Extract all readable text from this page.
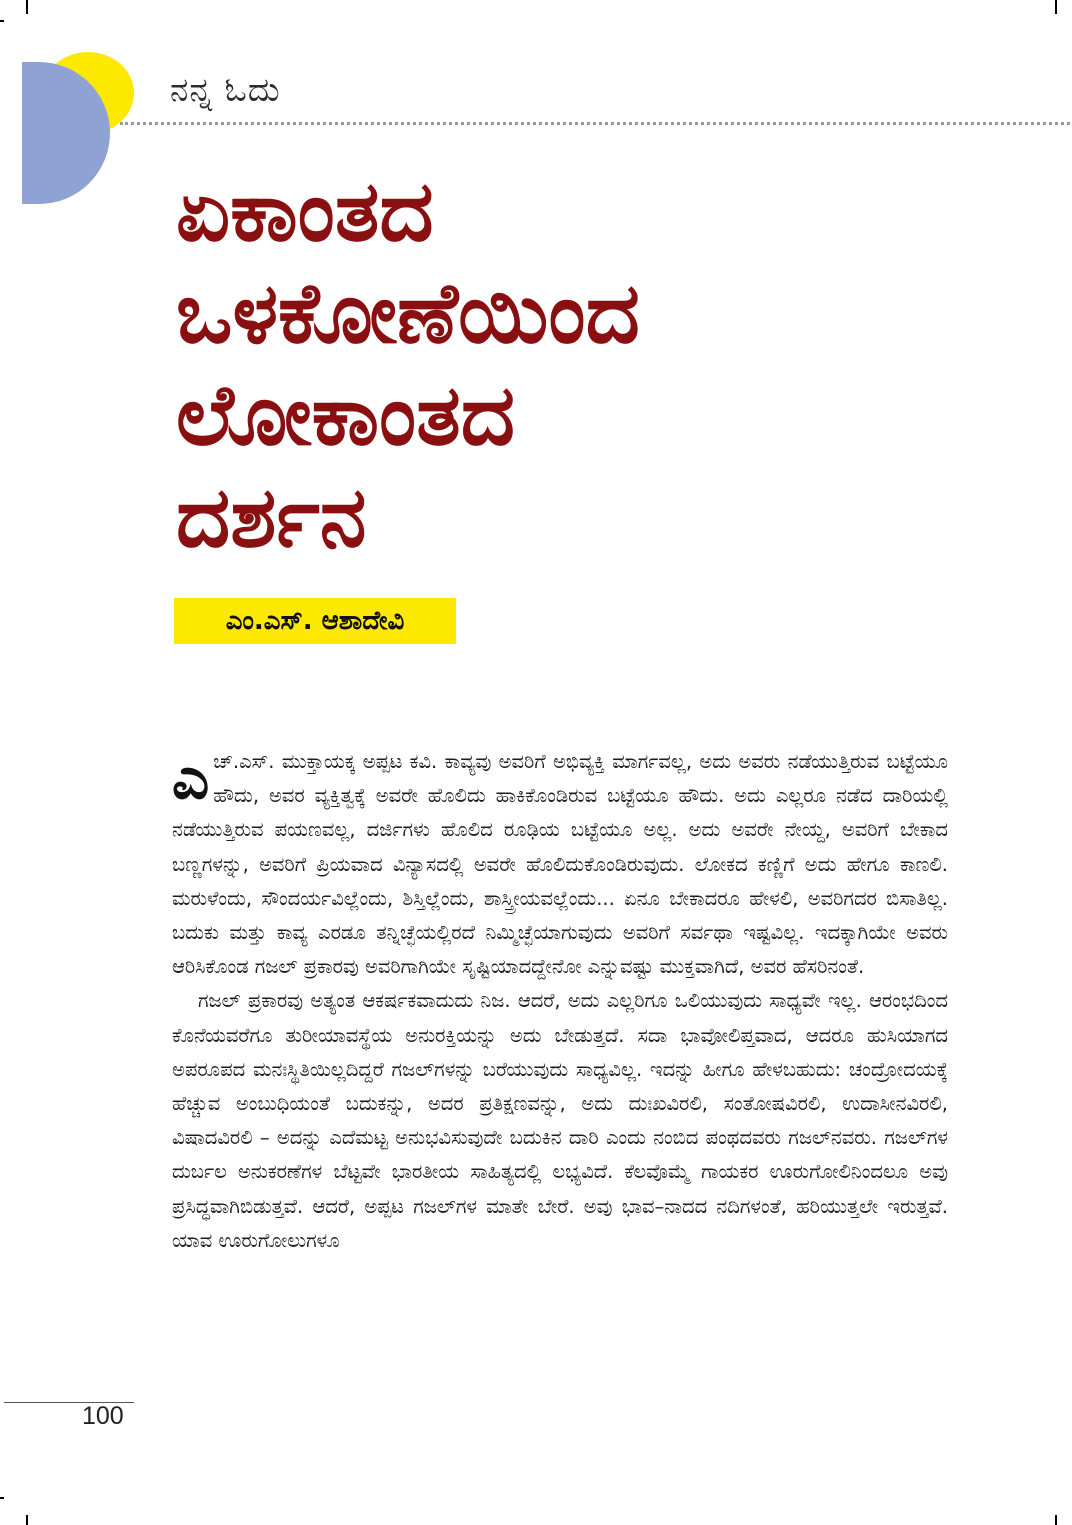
ನನ್ನ ಓದು
ಏಕಾಂತದ
ಒಳಕೋಣೆಯಿಂದ
ಲೋಕಾಂತದ
ದರ್ಶನ
ಎಂ.ಎಸ್. ಆಶಾದೇವಿ

ಎಚ್.ಎಸ್. ಮುಕ್ತಾಯಕ್ಕ ಅಪ್ಪಟ ಕವಿ. ಕಾವ್ಯವು ಅವರಿಗೆ ಅಭಿವ್ಯಕ್ತಿ ಮಾರ್ಗವಲ್ಲ, ಅದು ಅವರು ನಡೆಯುತ್ತಿರುವ ಬಟ್ಟೆಯೂ ಹೌದು, ಅವರ ವ್ಯಕ್ತಿತ್ವಕ್ಕೆ ಅವರೇ ಹೊಲಿದು ಹಾಕಿಕೊಂಡಿರುವ ಬಟ್ಟೆಯೂ ಹೌದು. ಅದು ಎಲ್ಲರೂ ನಡೆದ ದಾರಿಯಲ್ಲಿ ನಡೆಯುತ್ತಿರುವ ಪಯಣವಲ್ಲ, ದರ್ಜಿಗಳು ಹೊಲಿದ ರೂಢಿಯ ಬಟ್ಟೆಯೂ ಅಲ್ಲ. ಅದು ಅವರೇ ನೇಯ್ದ, ಅವರಿಗೆ ಬೇಕಾದ ಬಣ್ಣಗಳನ್ನು, ಅವರಿಗೆ ಪ್ರಿಯವಾದ ವಿನ್ಯಾಸದಲ್ಲಿ ಅವರೇ ಹೊಲಿದುಕೊಂಡಿರುವುದು. ಲೋಕದ ಕಣ್ಣಿಗೆ ಅದು ಹೇಗೂ ಕಾಣಲಿ. ಮರುಳೆಂದು, ಸೌಂದರ್ಯವಿಲ್ಲೆಂದು, ಶಿಸ್ತಿಲ್ಲೆಂದು, ಶಾಸ್ತ್ರೀಯವಲ್ಲೆಂದು... ಏನೂ ಬೇಕಾದರೂ ಹೇಳಲಿ, ಅವರಿಗದರ ಬಿಸಾತಿಲ್ಲ. ಬದುಕು ಮತ್ತು ಕಾವ್ಯ ಎರಡೂ ತನ್ನಿಚ್ಛೆಯಲ್ಲಿರದೆ ನಿಮ್ಮಿಚ್ಛೆಯಾಗುವುದು ಅವರಿಗೆ ಸರ್ವಥಾ ಇಷ್ಟವಿಲ್ಲ. ಇದಕ್ಕಾಗಿಯೇ ಅವರು ಆರಿಸಿಕೊಂಡ ಗಜಲ್ ಪ್ರಕಾರವು ಅವರಿಗಾಗಿಯೇ ಸೃಷ್ಟಿಯಾದದ್ದೇನೋ ಎನ್ನುವಷ್ಟು ಮುಕ್ತವಾಗಿದೆ, ಅವರ ಹೆಸರಿನಂತೆ.

ಗಜಲ್ ಪ್ರಕಾರವು ಅತ್ಯಂತ ಆಕರ್ಷಕವಾದುದು ನಿಜ. ಆದರೆ, ಅದು ಎಲ್ಲರಿಗೂ ಒಲಿಯುವುದು ಸಾಧ್ಯವೇ ಇಲ್ಲ. ಆರಂಭದಿಂದ ಕೊನೆಯವರೆಗೂ ತುರೀಯಾವಸ್ಥೆಯ ಅನುರಕ್ತಿಯನ್ನು ಅದು ಬೇಡುತ್ತದೆ. ಸದಾ ಭಾವೋಲಿಪ್ತವಾದ, ಆದರೂ ಹುಸಿಯಾಗದ ಅಪರೂಪದ ಮನಃಸ್ಥಿತಿಯಿಲ್ಲದಿದ್ದರೆ ಗಜಲ್‌ಗಳನ್ನು ಬರೆಯುವುದು ಸಾಧ್ಯವಿಲ್ಲ. ಇದನ್ನು ಹೀಗೂ ಹೇಳಬಹುದು: ಚಂದ್ರೋದಯಕ್ಕೆ ಹೆಚ್ಚುವ ಅಂಬುಧಿಯಂತೆ ಬದುಕನ್ನು, ಅದರ ಪ್ರತಿಕ್ಷಣವನ್ನು, ಅದು ದುಃಖವಿರಲಿ, ಸಂತೋಷವಿರಲಿ, ಉದಾಸೀನವಿರಲಿ, ವಿಷಾದವಿರಲಿ – ಅದನ್ನು ಎದೆಮಟ್ಟ ಅನುಭವಿಸುವುದೇ ಬದುಕಿನ ದಾರಿ ಎಂದು ನಂಬಿದ ಪಂಥದವರು ಗಜಲ್‌ನವರು. ಗಜಲ್‌ಗಳ ದುರ್ಬಲ ಅನುಕರಣೆಗಳ ಬೆಟ್ಟವೇ ಭಾರತೀಯ ಸಾಹಿತ್ಯದಲ್ಲಿ ಲಭ್ಯವಿದೆ. ಕೆಲವೊಮ್ಮೆ ಗಾಯಕರ ಊರುಗೋಲಿನಿಂದಲೂ ಅವು ಪ್ರಸಿದ್ಧವಾಗಿಬಿಡುತ್ತವೆ. ಆದರೆ, ಅಪ್ಪಟ ಗಜಲ್‌ಗಳ ಮಾತೇ ಬೇರೆ. ಅವು ಭಾವ–ನಾದದ ನದಿಗಳಂತೆ, ಹರಿಯುತ್ತಲೇ ಇರುತ್ತವೆ. ಯಾವ ಊರುಗೋಲುಗಳೂ

100
